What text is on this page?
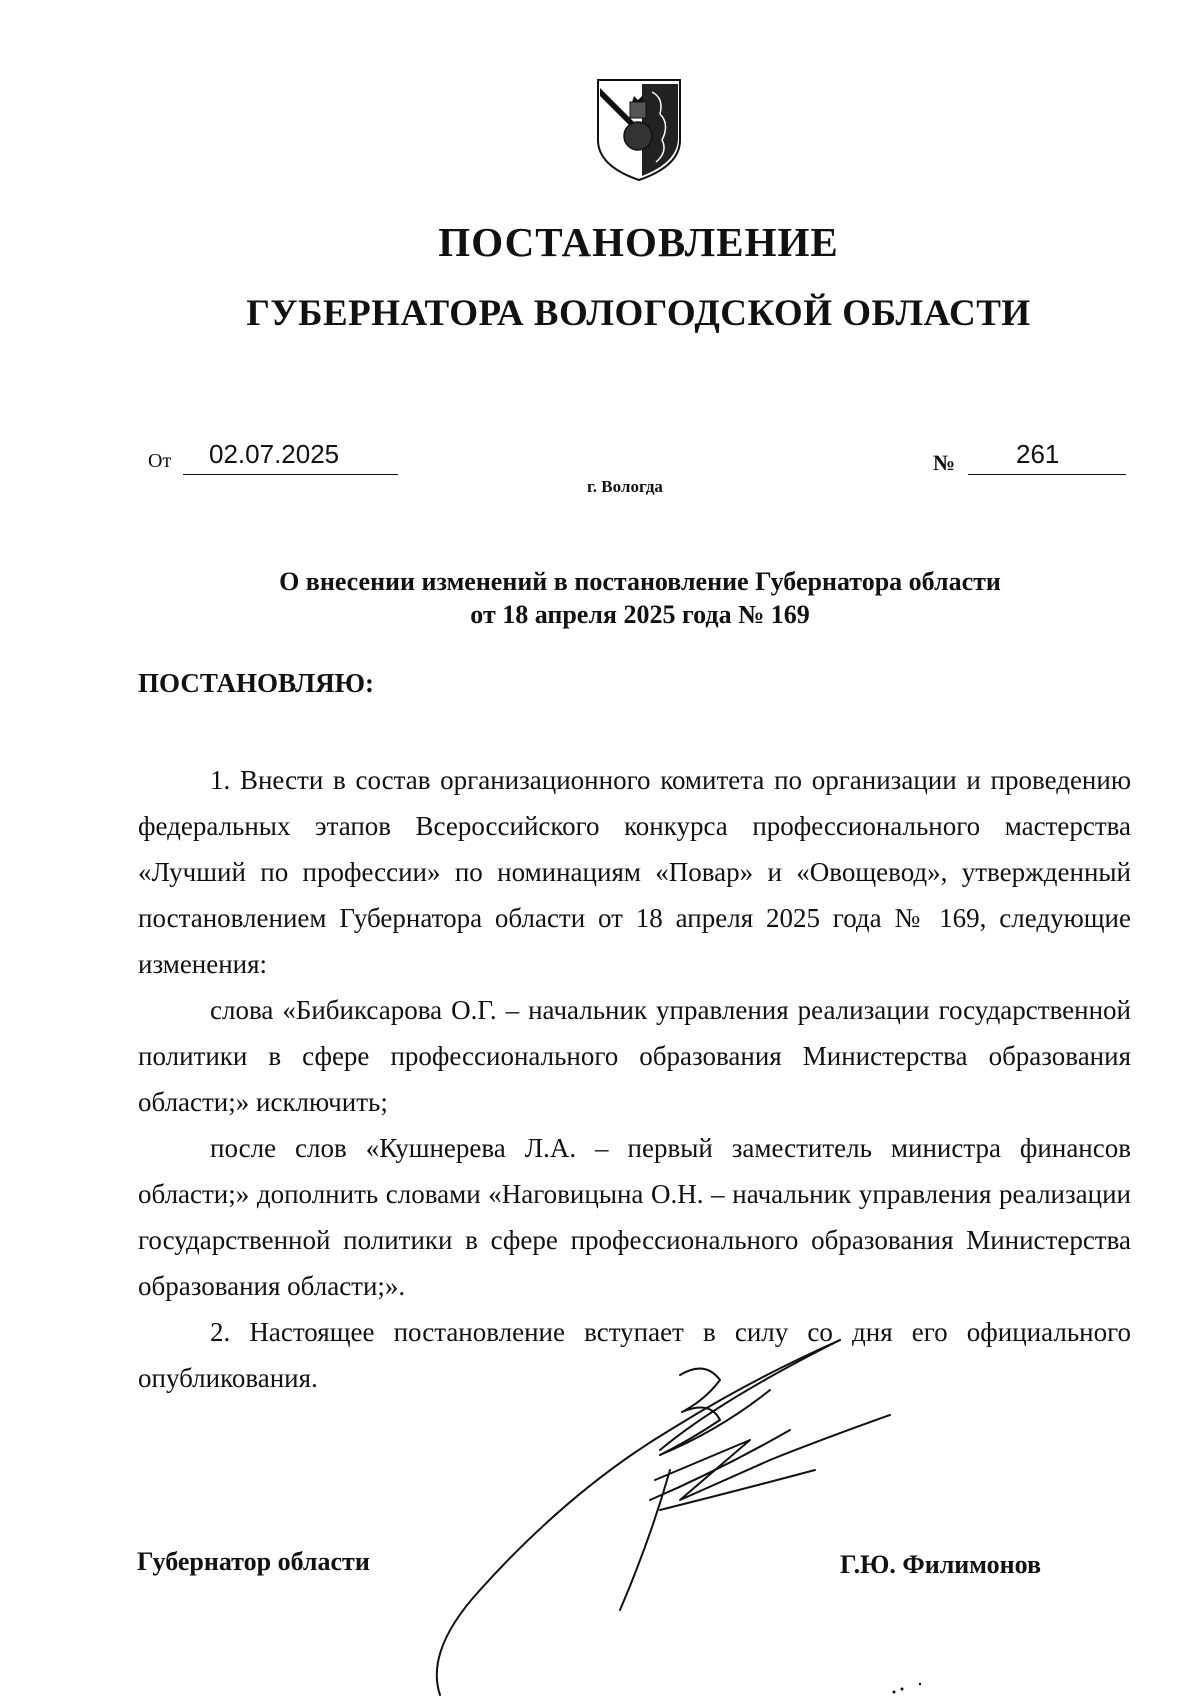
ПОСТАНОВЛЕНИЕ
ГУБЕРНАТОРА ВОЛОГОДСКОЙ ОБЛАСТИ
От 02.07.2025
г. Вологда
№ 261
О внесении изменений в постановление Губернатора области
от 18 апреля 2025 года № 169
ПОСТАНОВЛЯЮ:

1. Внести в состав организационного комитета по организации и проведению федеральных этапов Всероссийского конкурса профессионального мастерства «Лучший по профессии» по номинациям «Повар» и «Овощевод», утвержденный постановлением Губернатора области от 18 апреля 2025 года № 169, следующие изменения:

слова «Бибиксарова О.Г. – начальник управления реализации государственной политики в сфере профессионального образования Министерства образования области;» исключить;

после слов «Кушнерева Л.А. – первый заместитель министра финансов области;» дополнить словами «Наговицына О.Н. – начальник управления реализации государственной политики в сфере профессионального образования Министерства образования области;».

2. Настоящее постановление вступает в силу со дня его официального опубликования.

Губернатор области	Г.Ю. Филимонов
